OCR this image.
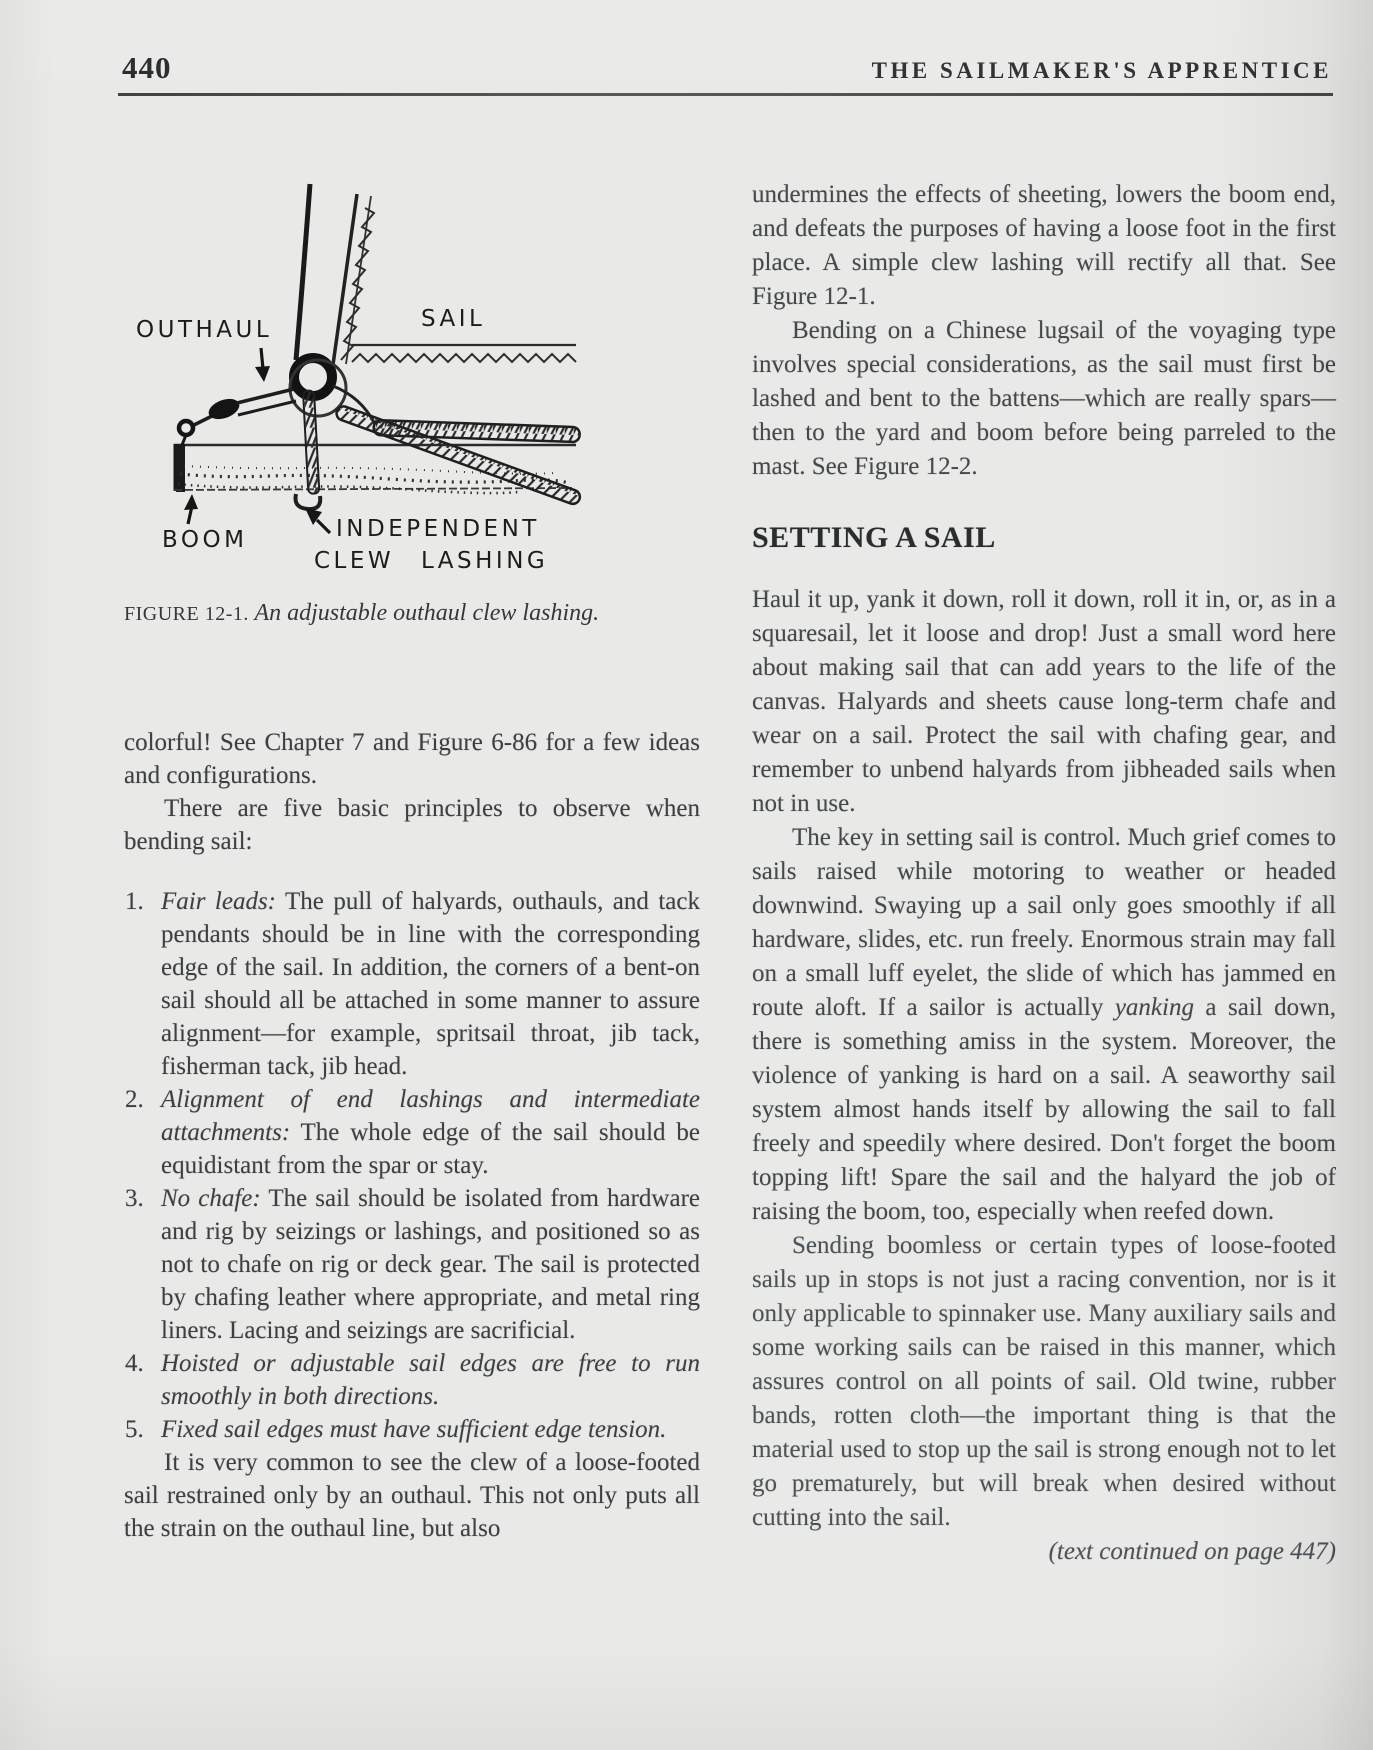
440	THE SAILMAKER'S APPRENTICE
OUTHAUL	SAIL
BOOM	INDEPENDENT
CLEW LASHING
FIGURE 12-1. An adjustable outhaul clew lashing.

colorful! See Chapter 7 and Figure 6-86 for a few ideas and configurations.

There are five basic principles to observe when bending sail:

1. Fair leads: The pull of halyards, outhauls, and tack pendants should be in line with the corresponding edge of the sail. In addition, the corners of a bent-on sail should all be attached in some manner to assure alignment—for example, spritsail throat, jib tack, fisherman tack, jib head.
2. Alignment of end lashings and intermediate attachments: The whole edge of the sail should be equidistant from the spar or stay.
3. No chafe: The sail should be isolated from hardware and rig by seizings or lashings, and positioned so as not to chafe on rig or deck gear. The sail is protected by chafing leather where appropriate, and metal ring liners. Lacing and seizings are sacrificial.
4. Hoisted or adjustable sail edges are free to run smoothly in both directions.
5. Fixed sail edges must have sufficient edge tension.

It is very common to see the clew of a loose-footed sail restrained only by an outhaul. This not only puts all the strain on the outhaul line, but also

undermines the effects of sheeting, lowers the boom end, and defeats the purposes of having a loose foot in the first place. A simple clew lashing will rectify all that. See Figure 12-1.

Bending on a Chinese lugsail of the voyaging type involves special considerations, as the sail must first be lashed and bent to the battens—which are really spars—then to the yard and boom before being parreled to the mast. See Figure 12-2.

SETTING A SAIL

Haul it up, yank it down, roll it down, roll it in, or, as in a squaresail, let it loose and drop! Just a small word here about making sail that can add years to the life of the canvas. Halyards and sheets cause long-term chafe and wear on a sail. Protect the sail with chafing gear, and remember to unbend halyards from jibheaded sails when not in use.

The key in setting sail is control. Much grief comes to sails raised while motoring to weather or headed downwind. Swaying up a sail only goes smoothly if all hardware, slides, etc. run freely. Enormous strain may fall on a small luff eyelet, the slide of which has jammed en route aloft. If a sailor is actually yanking a sail down, there is something amiss in the system. Moreover, the violence of yanking is hard on a sail. A seaworthy sail system almost hands itself by allowing the sail to fall freely and speedily where desired. Don't forget the boom topping lift! Spare the sail and the halyard the job of raising the boom, too, especially when reefed down.

Sending boomless or certain types of loose-footed sails up in stops is not just a racing convention, nor is it only applicable to spinnaker use. Many auxiliary sails and some working sails can be raised in this manner, which assures control on all points of sail. Old twine, rubber bands, rotten cloth—the important thing is that the material used to stop up the sail is strong enough not to let go prematurely, but will break when desired without cutting into the sail.

(text continued on page 447)
